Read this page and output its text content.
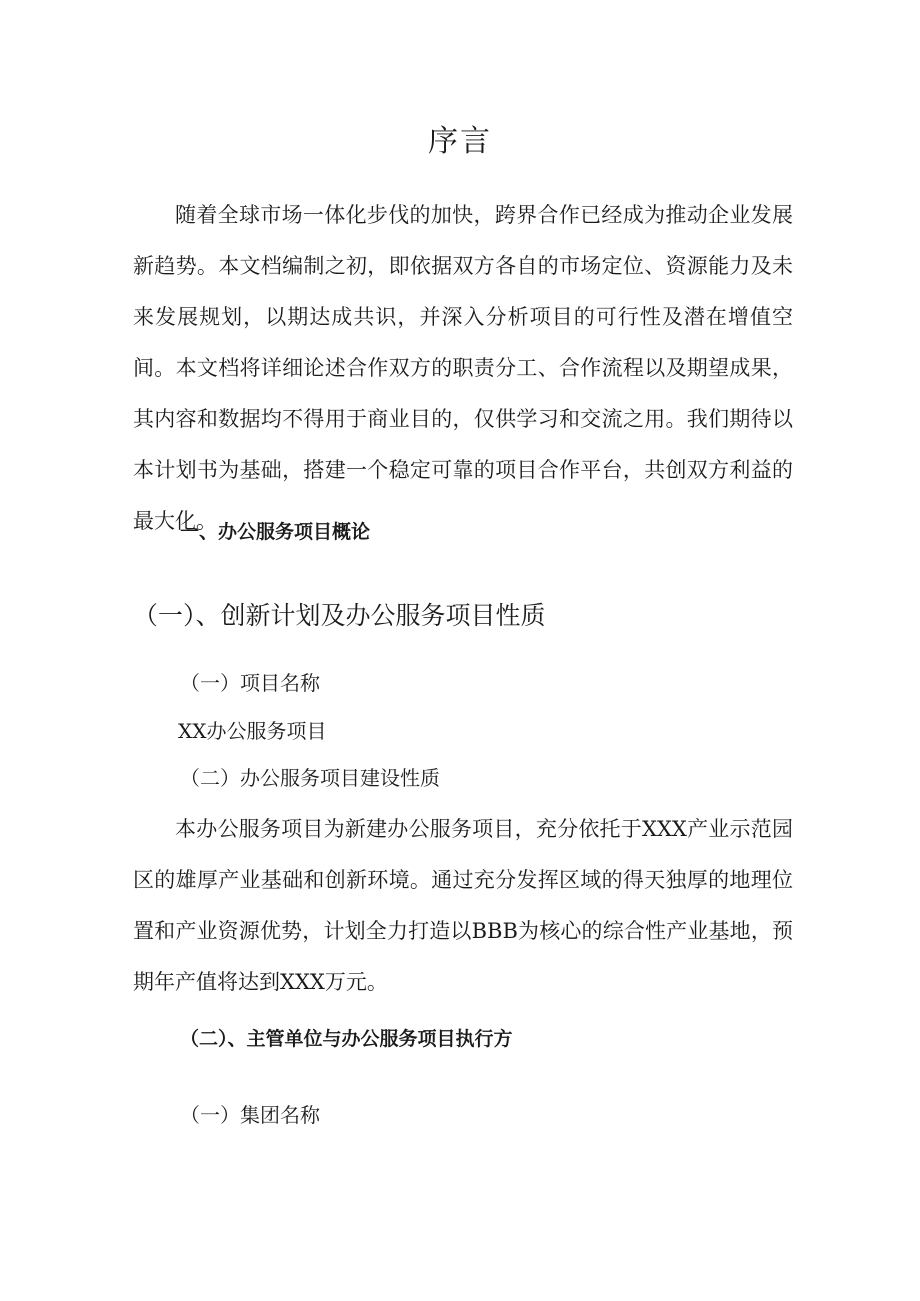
序言

随着全球市场一体化步伐的加快，跨界合作已经成为推动企业发展新趋势。本文档编制之初，即依据双方各自的市场定位、资源能力及未来发展规划，以期达成共识，并深入分析项目的可行性及潜在增值空间。本文档将详细论述合作双方的职责分工、合作流程以及期望成果，其内容和数据均不得用于商业目的，仅供学习和交流之用。我们期待以本计划书为基础，搭建一个稳定可靠的项目合作平台，共创双方利益的最大化。

一、办公服务项目概论
（一）、创新计划及办公服务项目性质
（一）项目名称
XX办公服务项目
（二）办公服务项目建设性质

本办公服务项目为新建办公服务项目，充分依托于XXX产业示范园区的雄厚产业基础和创新环境。通过充分发挥区域的得天独厚的地理位置和产业资源优势，计划全力打造以BBB为核心的综合性产业基地，预期年产值将达到XXX万元。

（二）、主管单位与办公服务项目执行方
（一）集团名称
